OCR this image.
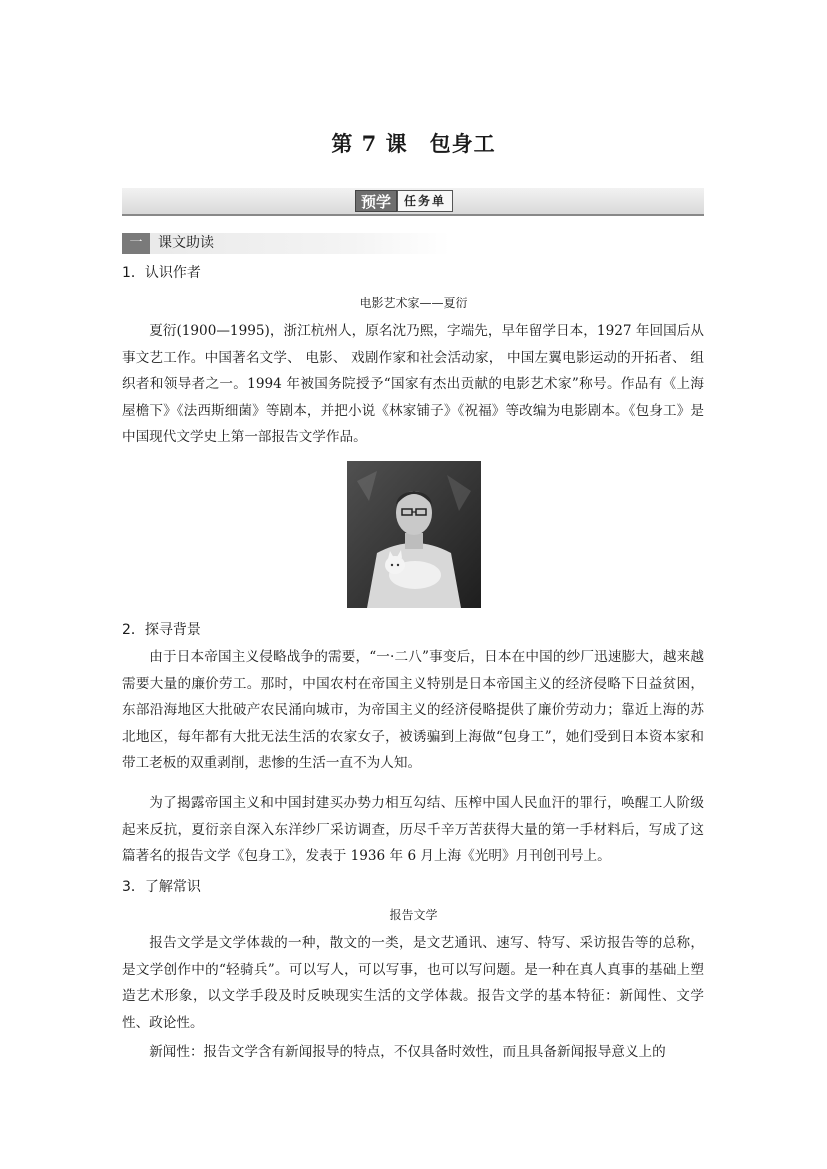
第 7 课　包身工
预学	任务单
一	课文助读
1．认识作者
电影艺术家——夏衍

夏衍(1900—1995)，浙江杭州人，原名沈乃熙，字端先，早年留学日本，1927 年回国后从事文艺工作。中国著名文学、 电影、 戏剧作家和社会活动家， 中国左翼电影运动的开拓者、 组织者和领导者之一。1994 年被国务院授予“国家有杰出贡献的电影艺术家”称号。作品有《上海屋檐下》《法西斯细菌》等剧本，并把小说《林家铺子》《祝福》等改编为电影剧本。《包身工》是中国现代文学史上第一部报告文学作品。

2．探寻背景

由于日本帝国主义侵略战争的需要，“一·二八”事变后，日本在中国的纱厂迅速膨大，越来越需要大量的廉价劳工。那时，中国农村在帝国主义特别是日本帝国主义的经济侵略下日益贫困，东部沿海地区大批破产农民涌向城市，为帝国主义的经济侵略提供了廉价劳动力；靠近上海的苏北地区，每年都有大批无法生活的农家女子，被诱骗到上海做“包身工”，她们受到日本资本家和带工老板的双重剥削，悲惨的生活一直不为人知。

为了揭露帝国主义和中国封建买办势力相互勾结、压榨中国人民血汗的罪行，唤醒工人阶级起来反抗，夏衍亲自深入东洋纱厂采访调查，历尽千辛万苦获得大量的第一手材料后，写成了这篇著名的报告文学《包身工》，发表于 1936 年 6 月上海《光明》月刊创刊号上。

3．了解常识
报告文学

报告文学是文学体裁的一种，散文的一类，是文艺通讯、速写、特写、采访报告等的总称，是文学创作中的“轻骑兵”。可以写人，可以写事，也可以写问题。是一种在真人真事的基础上塑造艺术形象，以文学手段及时反映现实生活的文学体裁。报告文学的基本特征：新闻性、文学性、政论性。

新闻性：报告文学含有新闻报导的特点，不仅具备时效性，而且具备新闻报导意义上的
